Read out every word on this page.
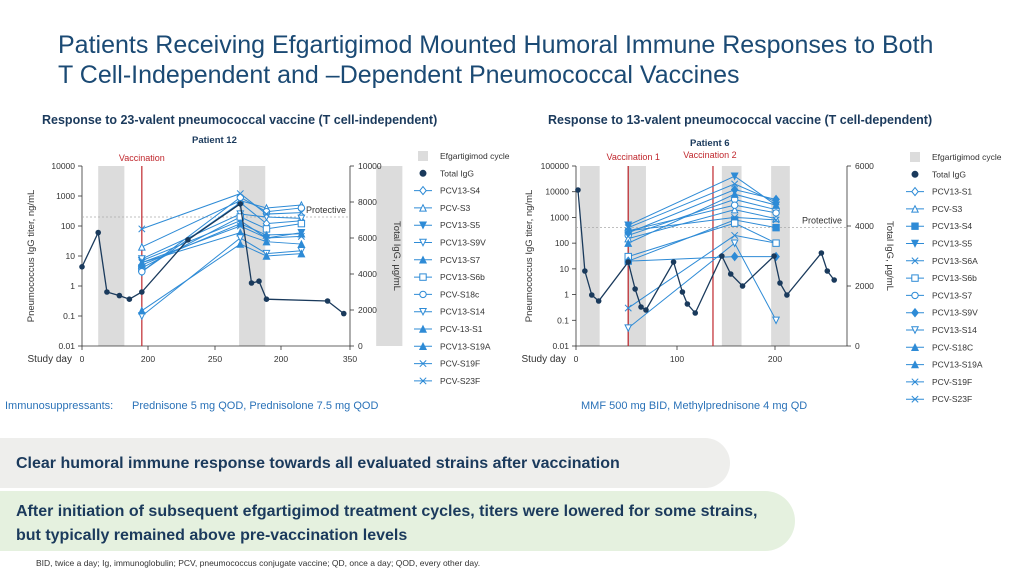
Patients Receiving Efgartigimod Mounted Humoral Immune Responses to Both
T Cell-Independent and –Dependent Pneumococcal Vaccines
Response to 23-valent pneumococcal vaccine (T cell-independent)	Response to 13-valent pneumococcal vaccine (T cell-dependent)
Patient 12	Patient 6
0.01
0.1
1
10
100
1000
10000
0
2000
4000
6000
8000
10000
0	200	250	200	350
Study day
Pneumococcus IgG titer, ng/mL	Total IgG, µg/mL
Protective
Vaccination	Efgartigimod cycle
Total IgG
PCV13-S4
PCV-S3
PCV13-S5
PCV13-S9V
PCV13-S7
PCV13-S6b
PCV-S18c
PCV13-S14
PCV-13-S1
PCV13-S19A
PCV-S19F
PCV-S23F
0.01
0.1
1
10
100
1000
10000
100000
0
2000
4000
6000
0	100	200
Study day
Pneumococcus IgG titer, ng/mL	Total IgG, µg/mL
Protective
Vaccination 1	Vaccination 2	Efgartigimod cycle
Total IgG
PCV13-S1
PCV-S3
PCV13-S4
PCV13-S5
PCV13-S6A
PCV13-S6b
PCV13-S7
PCV13-S9V
PCV13-S14
PCV-S18C
PCV13-S19A
PCV-S19F
PCV-S23F
Immunosuppressants: Prednisone 5 mg QOD, Prednisolone 7.5 mg QOD	MMF 500 mg BID, Methylprednisone 4 mg QD
Clear humoral immune response towards all evaluated strains after vaccination
After initiation of subsequent efgartigimod treatment cycles, titers were lowered for some strains, but typically remained above pre-vaccination levels
BID, twice a day; Ig, immunoglobulin; PCV, pneumococcus conjugate vaccine; QD, once a day; QOD, every other day.
